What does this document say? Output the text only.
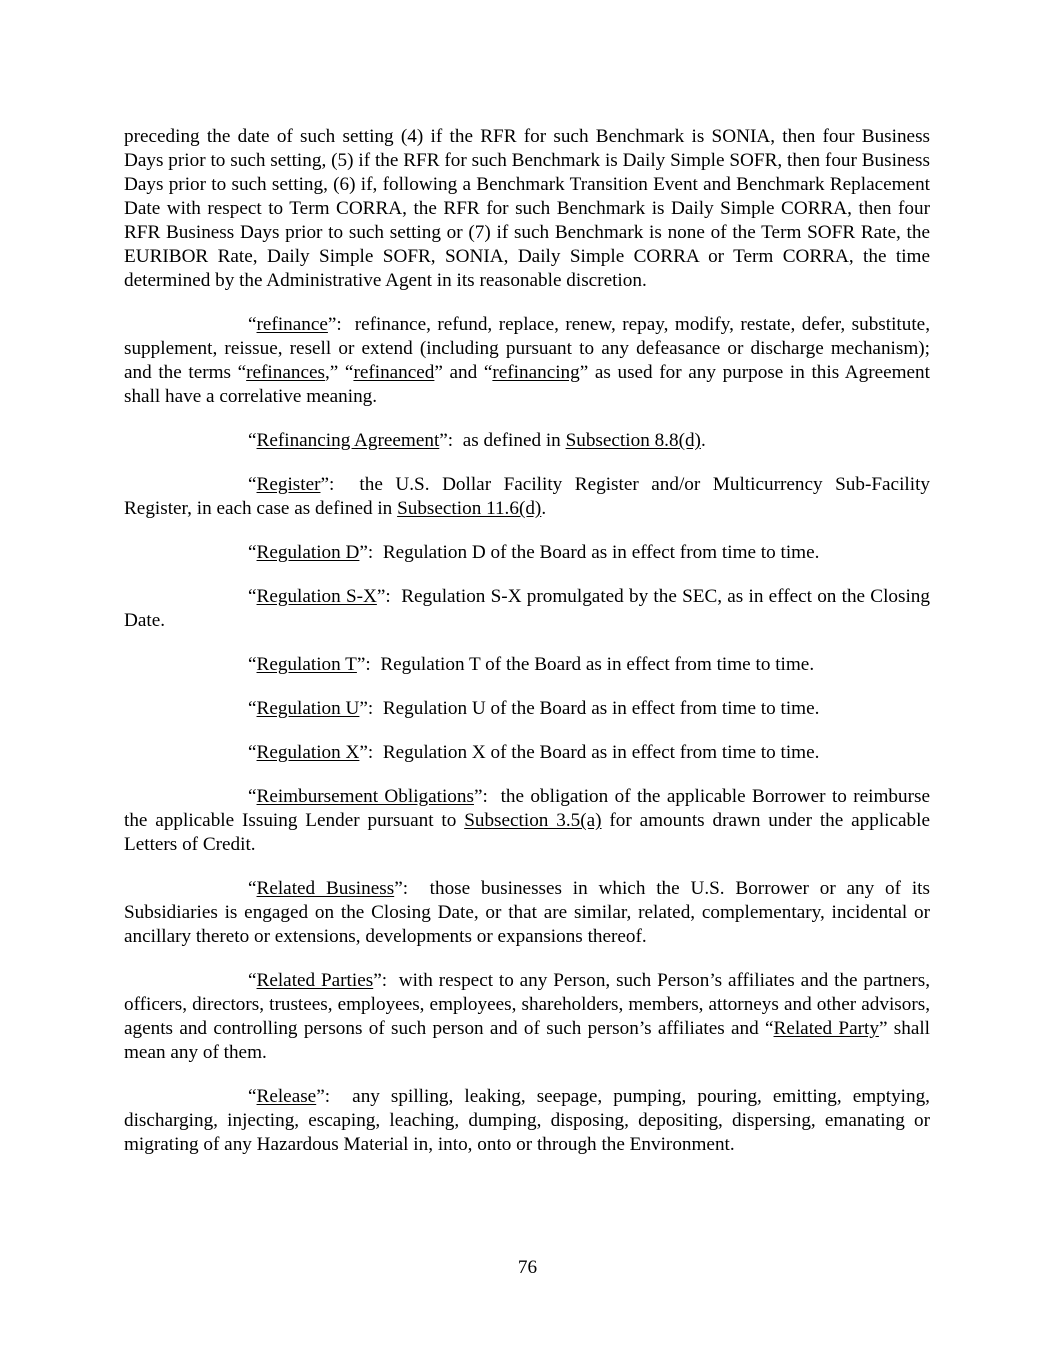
preceding the date of such setting (4) if the RFR for such Benchmark is SONIA, then four Business Days prior to such setting, (5) if the RFR for such Benchmark is Daily Simple SOFR, then four Business Days prior to such setting, (6) if, following a Benchmark Transition Event and Benchmark Replacement Date with respect to Term CORRA, the RFR for such Benchmark is Daily Simple CORRA, then four RFR Business Days prior to such setting or (7) if such Benchmark is none of the Term SOFR Rate, the EURIBOR Rate, Daily Simple SOFR, SONIA, Daily Simple CORRA or Term CORRA, the time determined by the Administrative Agent in its reasonable discretion.

“refinance”:  refinance, refund, replace, renew, repay, modify, restate, defer, substitute, supplement, reissue, resell or extend (including pursuant to any defeasance or discharge mechanism); and the terms “refinances,” “refinanced” and “refinancing” as used for any purpose in this Agreement shall have a correlative meaning.

“Refinancing Agreement”:  as defined in Subsection 8.8(d).

“Register”:  the U.S. Dollar Facility Register and/or Multicurrency Sub-Facility Register, in each case as defined in Subsection 11.6(d).

“Regulation D”:  Regulation D of the Board as in effect from time to time.

“Regulation S-X”:  Regulation S-X promulgated by the SEC, as in effect on the Closing Date.

“Regulation T”:  Regulation T of the Board as in effect from time to time.

“Regulation U”:  Regulation U of the Board as in effect from time to time.

“Regulation X”:  Regulation X of the Board as in effect from time to time.

“Reimbursement Obligations”:  the obligation of the applicable Borrower to reimburse the applicable Issuing Lender pursuant to Subsection 3.5(a) for amounts drawn under the applicable Letters of Credit.

“Related Business”:  those businesses in which the U.S. Borrower or any of its Subsidiaries is engaged on the Closing Date, or that are similar, related, complementary, incidental or ancillary thereto or extensions, developments or expansions thereof.

“Related Parties”:  with respect to any Person, such Person’s affiliates and the partners, officers, directors, trustees, employees, employees, shareholders, members, attorneys and other advisors, agents and controlling persons of such person and of such person’s affiliates and “Related Party” shall mean any of them.

“Release”:  any spilling, leaking, seepage, pumping, pouring, emitting, emptying, discharging, injecting, escaping, leaching, dumping, disposing, depositing, dispersing, emanating or migrating of any Hazardous Material in, into, onto or through the Environment.

76
